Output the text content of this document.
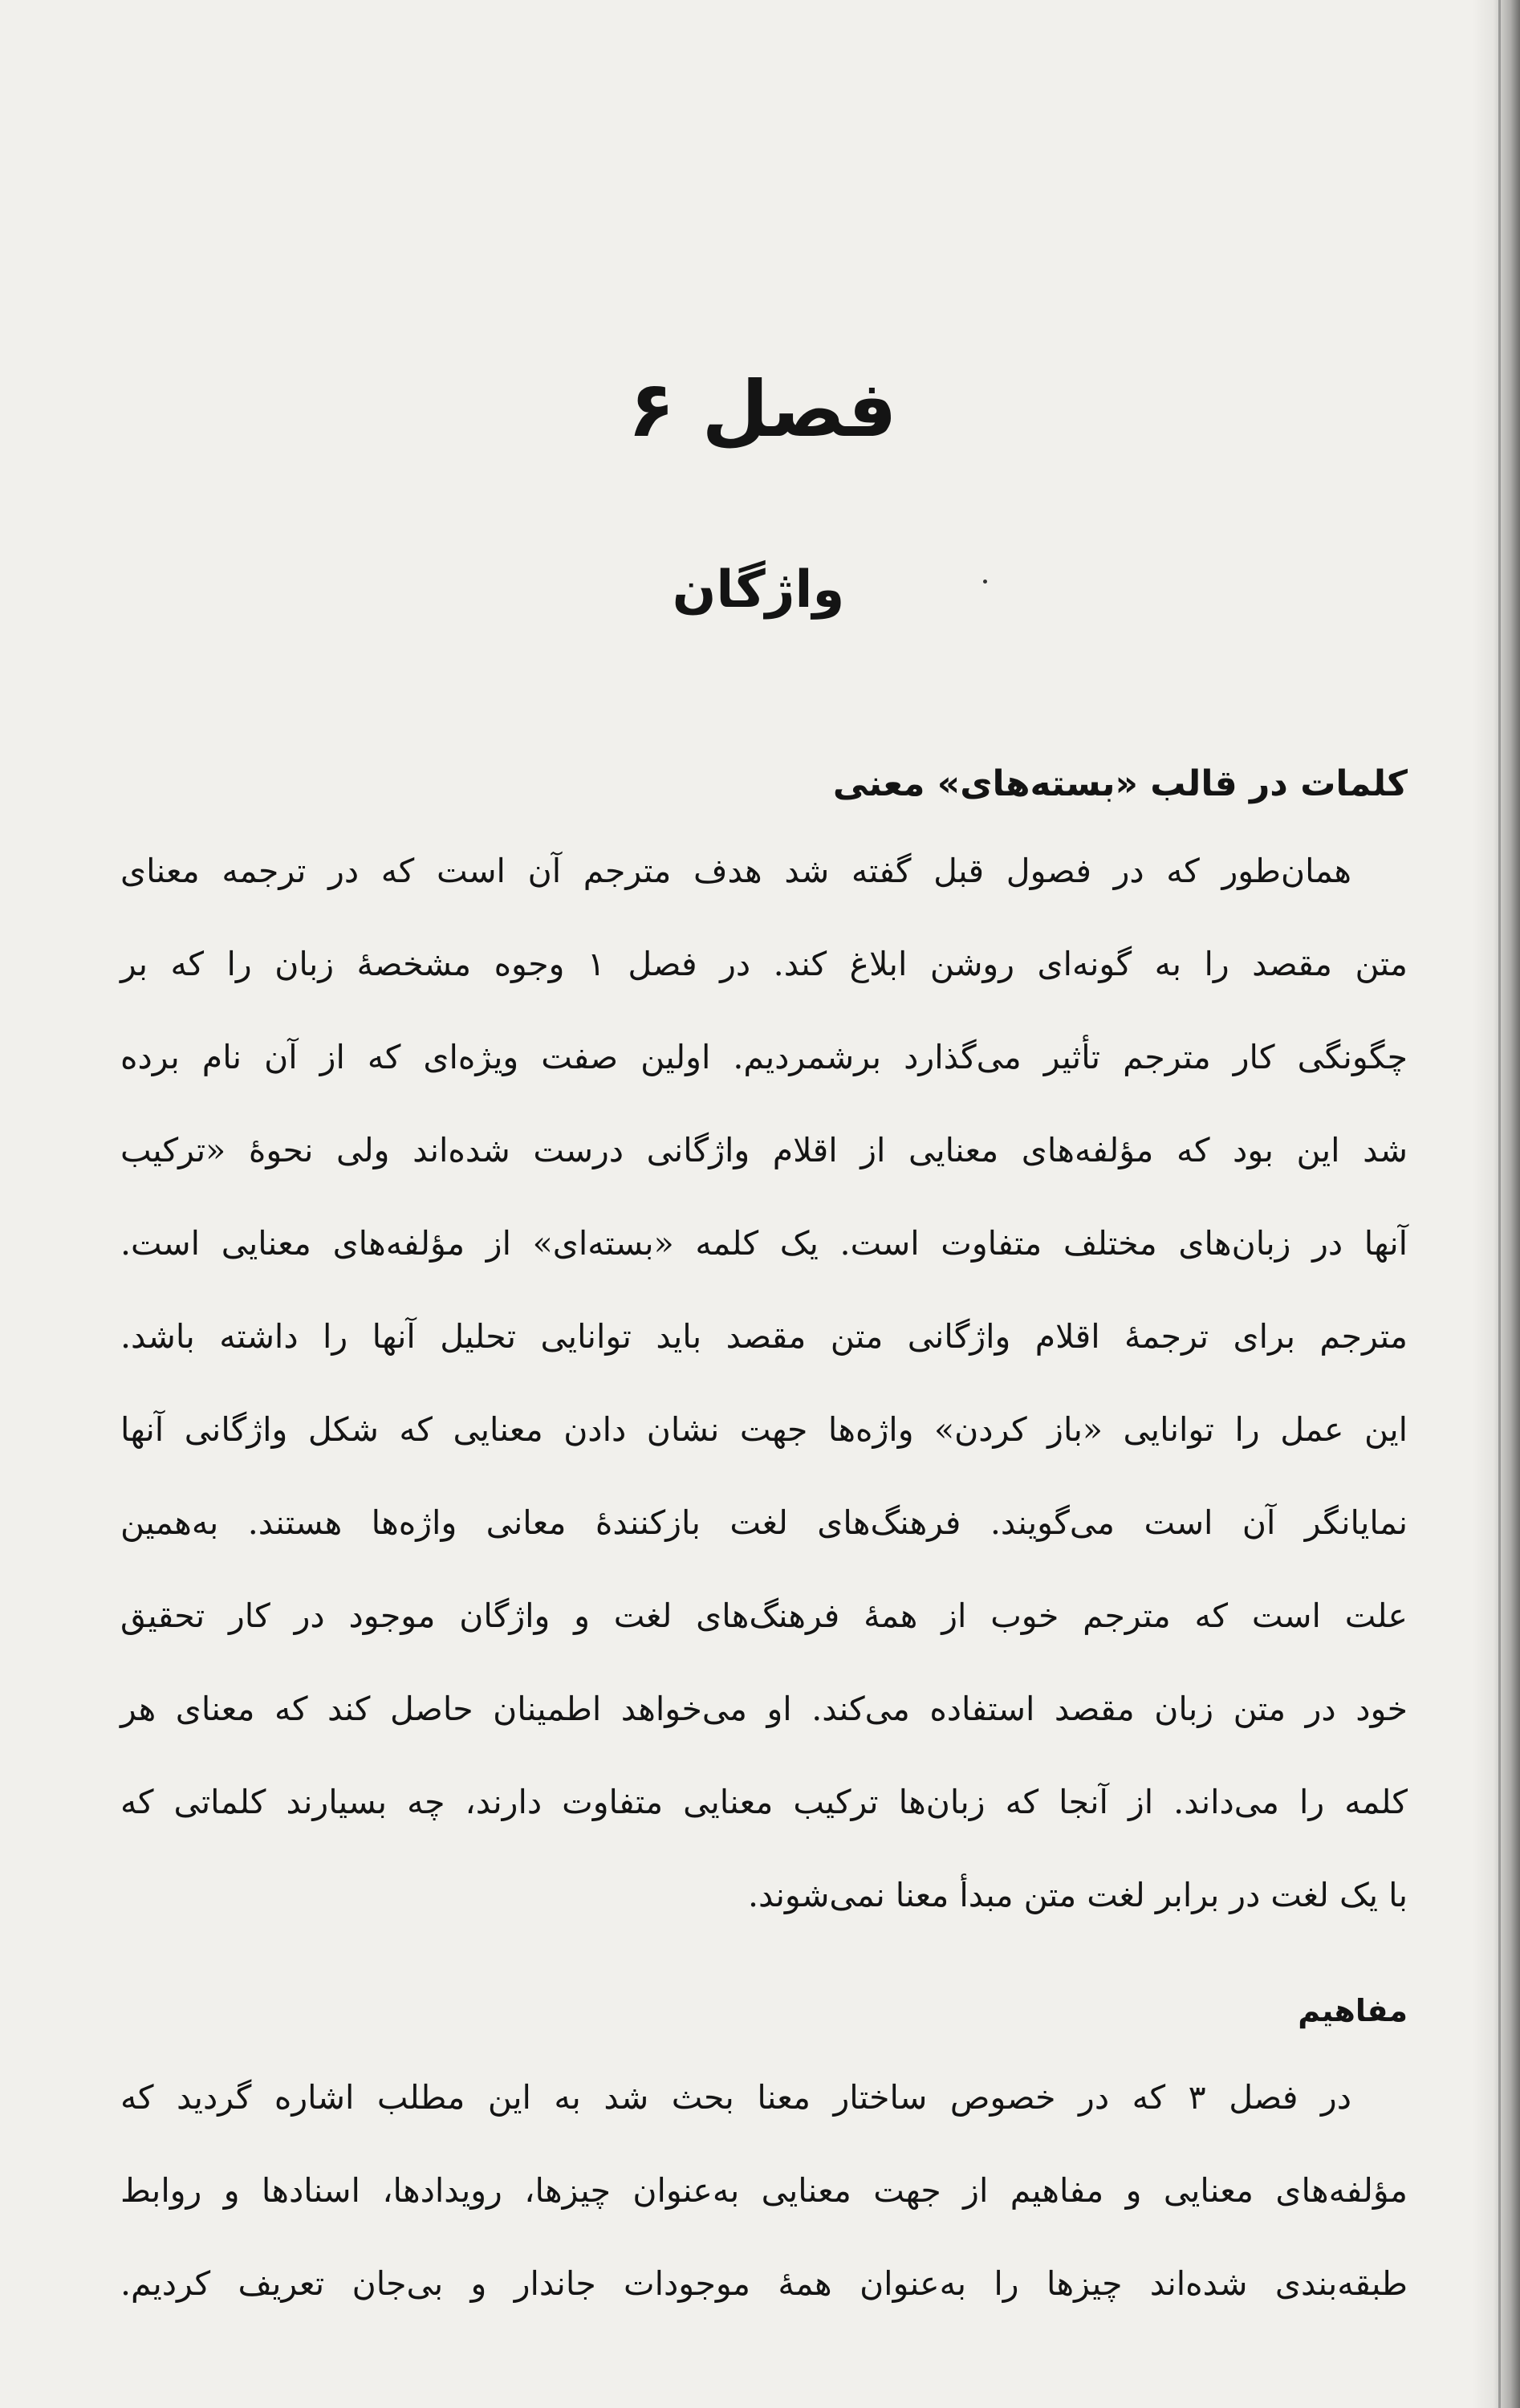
فصل ۶
واژگان
کلمات در قالب «بسته‌های» معنی
همان‌طور که در فصول قبل گفته شد هدف مترجم آن است که در ترجمه معنای
متن مقصد را به گونه‌ای روشن ابلاغ کند. در فصل ۱ وجوه مشخصهٔ زبان را که بر
چگونگی کار مترجم تأثیر می‌گذارد برشمردیم. اولین صفت ویژه‌ای که از آن نام برده
شد این بود که مؤلفه‌های معنایی از اقلام واژگانی درست شده‌اند ولی نحوهٔ «ترکیب
آنها در زبان‌های مختلف متفاوت است. یک کلمه «بسته‌ای» از مؤلفه‌های معنایی است.
مترجم برای ترجمهٔ اقلام واژگانی متن مقصد باید توانایی تحلیل آنها را داشته باشد.
این عمل را توانایی «باز کردن» واژه‌ها جهت نشان دادن معنایی که شکل واژگانی آنها
نمایانگر آن است می‌گویند. فرهنگ‌های لغت بازکنندهٔ معانی واژه‌ها هستند. به‌همین
علت است که مترجم خوب از همهٔ فرهنگ‌های لغت و واژگان موجود در کار تحقیق
خود در متن زبان مقصد استفاده می‌کند. او می‌خواهد اطمینان حاصل کند که معنای هر
کلمه را می‌داند. از آنجا که زبان‌ها ترکیب معنایی متفاوت دارند، چه بسیارند کلماتی که
با یک لغت در برابر لغت متن مبدأ معنا نمی‌شوند.
مفاهیم
در فصل ۳ که در خصوص ساختار معنا بحث شد به این مطلب اشاره گردید که
مؤلفه‌های معنایی و مفاهیم از جهت معنایی به‌عنوان چیزها، رویدادها، اسنادها و روابط
طبقه‌بندی شده‌اند چیزها را به‌عنوان همهٔ موجودات جاندار و بی‌جان تعریف کردیم.
